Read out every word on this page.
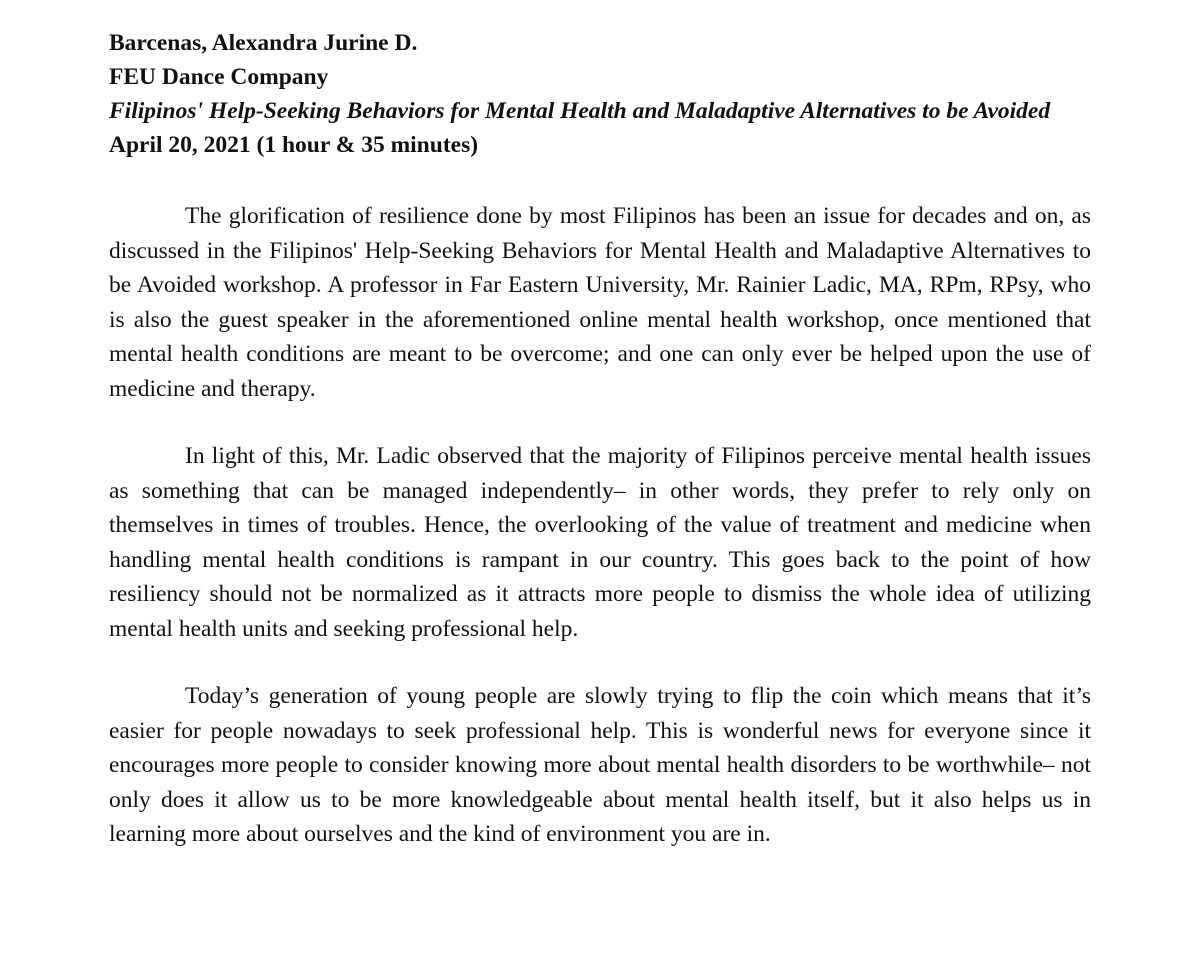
Barcenas, Alexandra Jurine D.

FEU Dance Company

Filipinos' Help-Seeking Behaviors for Mental Health and Maladaptive Alternatives to be Avoided

April 20, 2021 (1 hour & 35 minutes)

The glorification of resilience done by most Filipinos has been an issue for decades and on, as discussed in the Filipinos' Help-Seeking Behaviors for Mental Health and Maladaptive Alternatives to be Avoided workshop. A professor in Far Eastern University, Mr. Rainier Ladic, MA, RPm, RPsy, who is also the guest speaker in the aforementioned online mental health workshop, once mentioned that mental health conditions are meant to be overcome; and one can only ever be helped upon the use of medicine and therapy.

In light of this, Mr. Ladic observed that the majority of Filipinos perceive mental health issues as something that can be managed independently– in other words, they prefer to rely only on themselves in times of troubles. Hence, the overlooking of the value of treatment and medicine when handling mental health conditions is rampant in our country. This goes back to the point of how resiliency should not be normalized as it attracts more people to dismiss the whole idea of utilizing mental health units and seeking professional help.

Today’s generation of young people are slowly trying to flip the coin which means that it’s easier for people nowadays to seek professional help. This is wonderful news for everyone since it encourages more people to consider knowing more about mental health disorders to be worthwhile– not only does it allow us to be more knowledgeable about mental health itself, but it also helps us in learning more about ourselves and the kind of environment you are in.
